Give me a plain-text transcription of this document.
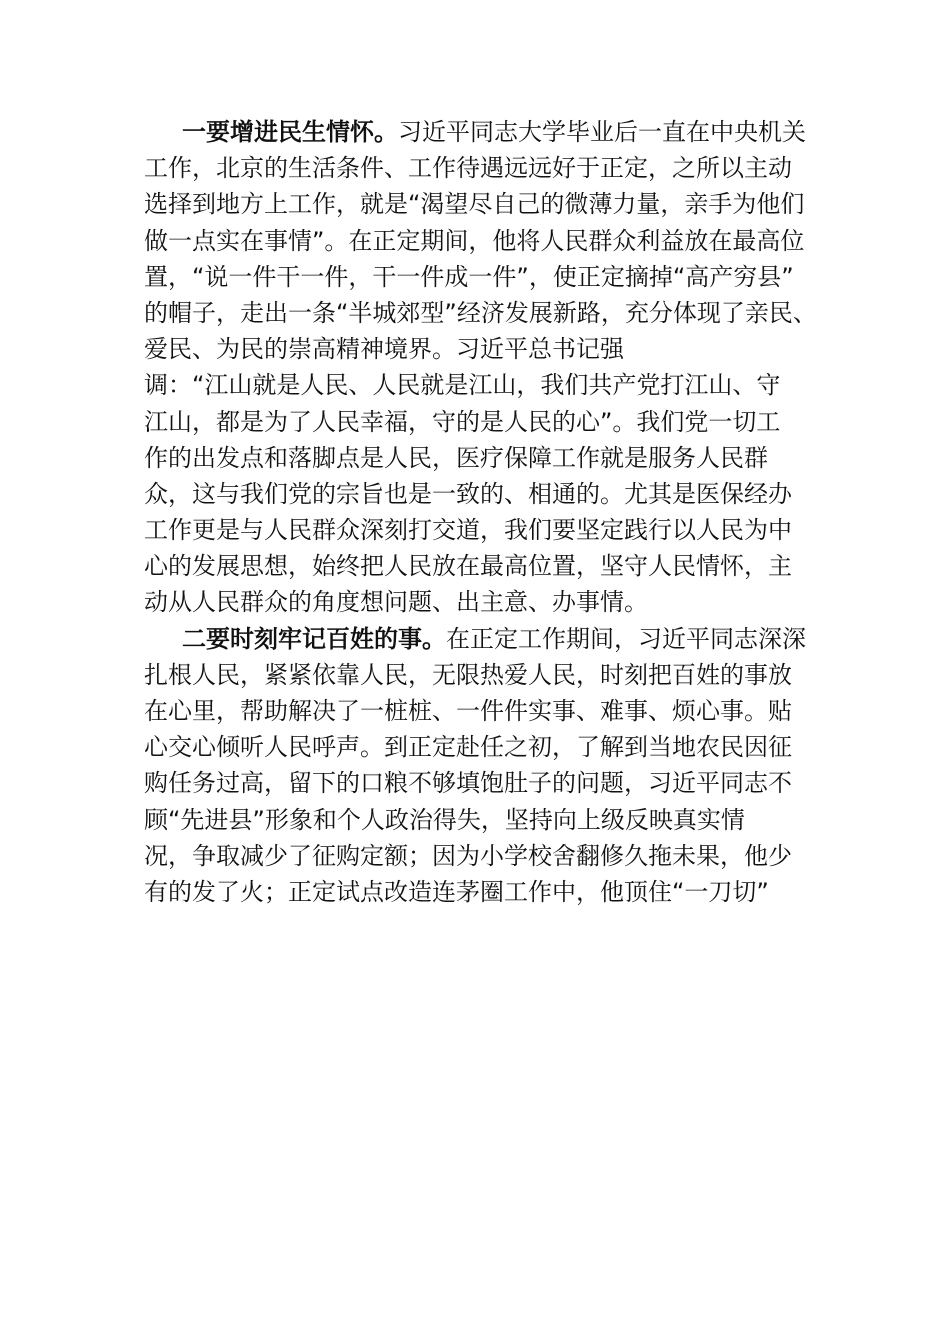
一要增进民生情怀。习近平同志大学毕业后一直在中央机关
工作，北京的生活条件、工作待遇远远好于正定，之所以主动
选择到地方上工作，就是“渴望尽自己的微薄力量，亲手为他们
做一点实在事情”。在正定期间，他将人民群众利益放在最高位
置，“说一件干一件，干一件成一件”，使正定摘掉“高产穷县”
的帽子，走出一条“半城郊型”经济发展新路，充分体现了亲民、
爱民、为民的崇高精神境界。习近平总书记强
调：“江山就是人民、人民就是江山，我们共产党打江山、守
江山，都是为了人民幸福，守的是人民的心”。我们党一切工
作的出发点和落脚点是人民，医疗保障工作就是服务人民群
众，这与我们党的宗旨也是一致的、相通的。尤其是医保经办
工作更是与人民群众深刻打交道，我们要坚定践行以人民为中
心的发展思想，始终把人民放在最高位置，坚守人民情怀，主
动从人民群众的角度想问题、出主意、办事情。
二要时刻牢记百姓的事。在正定工作期间，习近平同志深深
扎根人民，紧紧依靠人民，无限热爱人民，时刻把百姓的事放
在心里，帮助解决了一桩桩、一件件实事、难事、烦心事。贴
心交心倾听人民呼声。到正定赴任之初，了解到当地农民因征
购任务过高，留下的口粮不够填饱肚子的问题，习近平同志不
顾“先进县”形象和个人政治得失，坚持向上级反映真实情
况，争取减少了征购定额；因为小学校舍翻修久拖未果，他少
有的发了火；正定试点改造连茅圈工作中，他顶住“一刀切”
